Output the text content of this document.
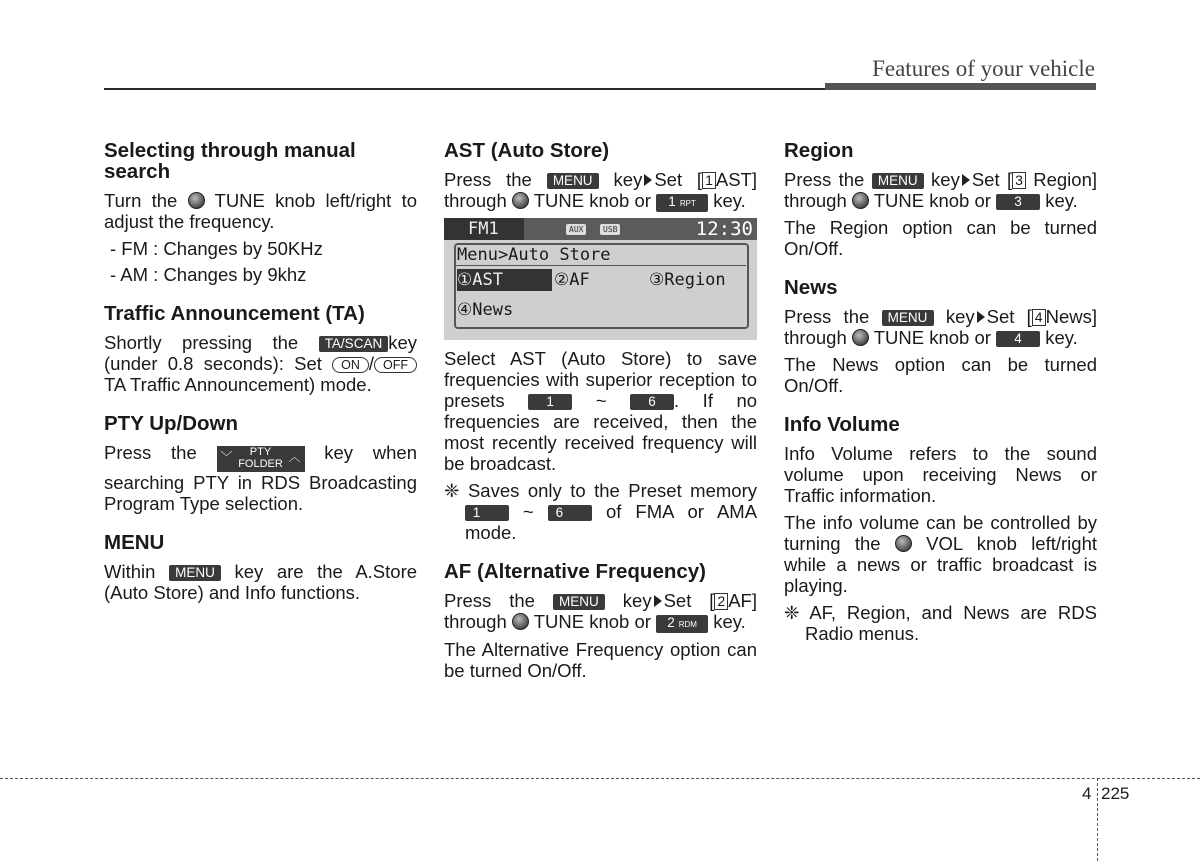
Features of your vehicle
Selecting through manual search

Turn the TUNE knob left/right to adjust the frequency.

- FM : Changes by 50KHz
- AM : Changes by 9khz
Traffic Announcement (TA)

Shortly pressing the TA/SCAN key (under 0.8 seconds): Set ON / OFF TA Traffic Announcement) mode.

PTY Up/Down

Press the ﹀	PTY
FOLDER ︿ key when searching PTY in RDS Broadcasting Program Type selection.

MENU

Within MENU key are the A.Store (Auto Store) and Info functions.

AST (Auto Store)

Press the MENU key Set [ 1 AST] through TUNE knob or 1 RPT key.

FM1	AUX	USB	12:30
Menu>Auto Store
①AST	②AF	③Region
④News

Select AST (Auto Store) to save frequencies with superior reception to presets	1 ~	6 . If no frequencies are received, then the most recently received frequency will be broadcast.

❈ Saves only to the Preset memory 1 ~ 6 of FMA or AMA mode.
AF (Alternative Frequency)

Press the MENU key Set [ 2 AF] through TUNE knob or 2 RDM key.

The Alternative Frequency option can be turned On/Off.

Region

Press the MENU key Set [ 3 Region] through TUNE knob or 3 key.

The Region option can be turned On/Off.

News

Press the MENU key Set [ 4 News] through TUNE knob or 4 key.

The News option can be turned On/Off.

Info Volume

Info Volume refers to the sound volume upon receiving News or Traffic information.

The info volume can be controlled by turning the VOL knob left/right while a news or traffic broadcast is playing.

❈ AF, Region, and News are RDS Radio menus.
4 225
